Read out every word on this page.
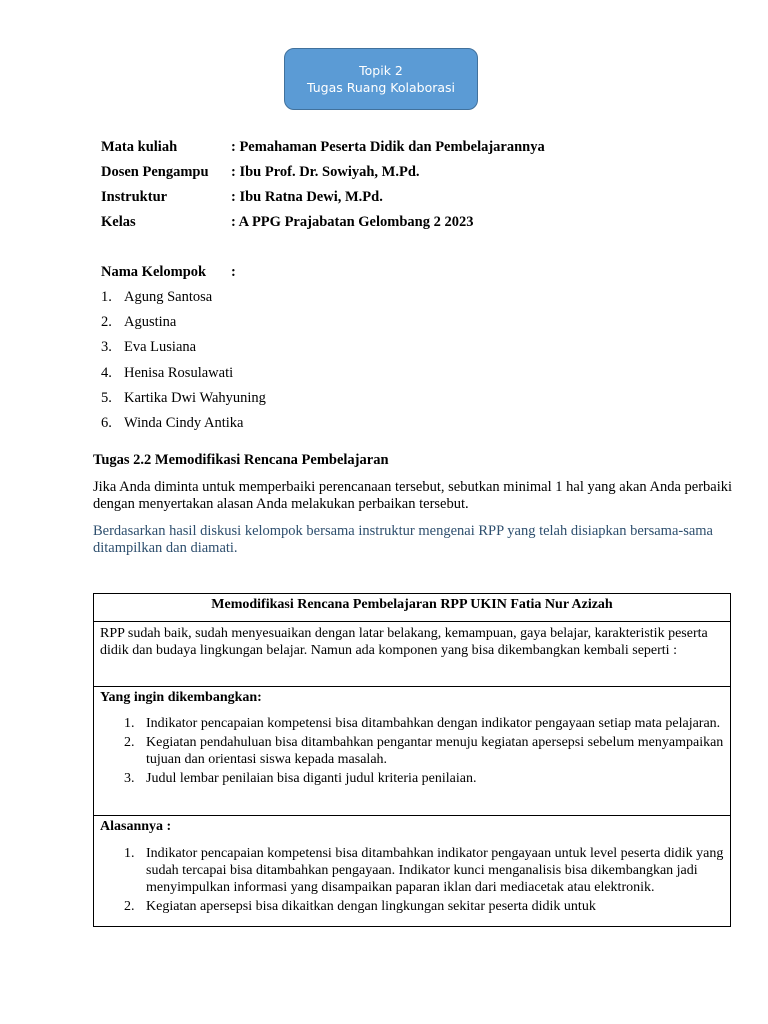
Topik 2
Tugas Ruang Kolaborasi
Mata kuliah	: Pemahaman Peserta Didik dan Pembelajarannya
Dosen Pengampu : Ibu Prof. Dr. Sowiyah, M.Pd.
Instruktur	: Ibu Ratna Dewi, M.Pd.
Kelas	: A PPG Prajabatan Gelombang 2 2023
Nama Kelompok :
1. Agung Santosa
2. Agustina
3. Eva Lusiana
4. Henisa Rosulawati
5. Kartika Dwi Wahyuning
6. Winda Cindy Antika
Tugas 2.2 Memodifikasi Rencana Pembelajaran
Jika Anda diminta untuk memperbaiki perencanaan tersebut, sebutkan minimal 1 hal yang akan Anda perbaiki dengan menyertakan alasan Anda melakukan perbaikan tersebut.
Berdasarkan hasil diskusi kelompok bersama instruktur mengenai RPP yang telah disiapkan bersama-sama ditampilkan dan diamati.
Memodifikasi Rencana Pembelajaran RPP UKIN Fatia Nur Azizah
RPP sudah baik, sudah menyesuaikan dengan latar belakang, kemampuan, gaya belajar, karakteristik peserta didik dan budaya lingkungan belajar. Namun ada komponen yang bisa dikembangkan kembali seperti :
Yang ingin dikembangkan:
1. Indikator pencapaian kompetensi bisa ditambahkan dengan indikator pengayaan setiap mata pelajaran.
2. Kegiatan pendahuluan bisa ditambahkan pengantar menuju kegiatan apersepsi sebelum menyampaikan tujuan dan orientasi siswa kepada masalah.
3. Judul lembar penilaian bisa diganti judul kriteria penilaian.
Alasannya :
1. Indikator pencapaian kompetensi bisa ditambahkan indikator pengayaan untuk level peserta didik yang sudah tercapai bisa ditambahkan pengayaan. Indikator kunci menganalisis bisa dikembangkan jadi menyimpulkan informasi yang disampaikan paparan iklan dari mediacetak atau elektronik.
2. Kegiatan apersepsi bisa dikaitkan dengan lingkungan sekitar peserta didik untuk
